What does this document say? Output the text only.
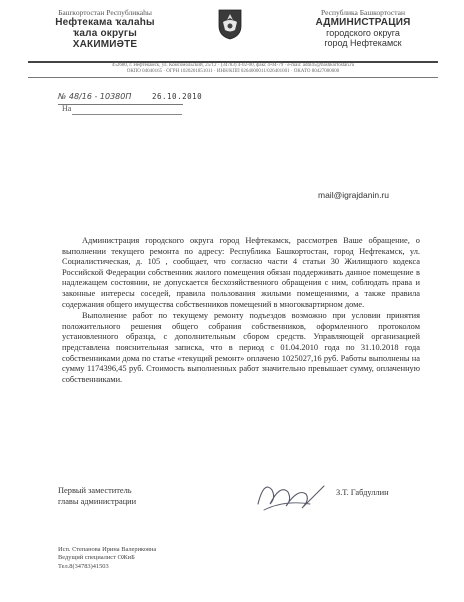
Башҡортостан Республикаһы
Нефтекама ҡалаһы
ҡала округы
ХАКИМИӘТЕ
Республика Башкортостан
АДМИНИСТРАЦИЯ
городского округа
город Нефтекамск
452680, г. Нефтекамск, ул. Комсомольский, 25/12 · (34783) 4-02-00, факс 4-04-79 · e-mail: adm45@bashkortostan.ru
ОКПО 04040165 · ОГРН 1020201851011 · ИНН/КПП 0264000011/026401001 · ОКАТО 80427000000
№ 48/16 - 10380П	26.10.2010
На
mail@igrajdanin.ru

Администрация городского округа город Нефтекамск, рассмотрев Ваше обращение, о выполнении текущего ремонта по адресу: Республика Башкортостан, город Нефтекамск, ул. Социалистическая, д. 105 , сообщает, что согласно части 4 статьи 30 Жилищного кодекса Российской Федерации собственник жилого помещения обязан поддерживать данное помещение в надлежащем состоянии, не допускается бесхозяйственного обращения с ним, соблюдать права и законные интересы соседей, правила пользования жилыми помещениями, а также правила содержания общего имущества собственников помещений в многоквартирном доме.

Выполнение работ по текущему ремонту подъездов возможно при условии принятия положительного решения общего собрания собственников, оформленного протоколом установленного образца, с дополнительным сбором средств. Управляющей организацией представлена пояснительная записка, что в период с 01.04.2010 года по 31.10.2018 года собственниками дома по статье «текущий ремонт» оплачено 1025027,16 руб. Работы выполнены на сумму 1174396,45 руб. Стоимость выполненных работ значительно превышает сумму, оплаченную собственниками.

Первый заместитель
главы администрации
З.Т. Габдуллин
Исп. Степанова Ирина Валериковна
Ведущий специалист ОЖиБ
Тел.8(34783)41503
